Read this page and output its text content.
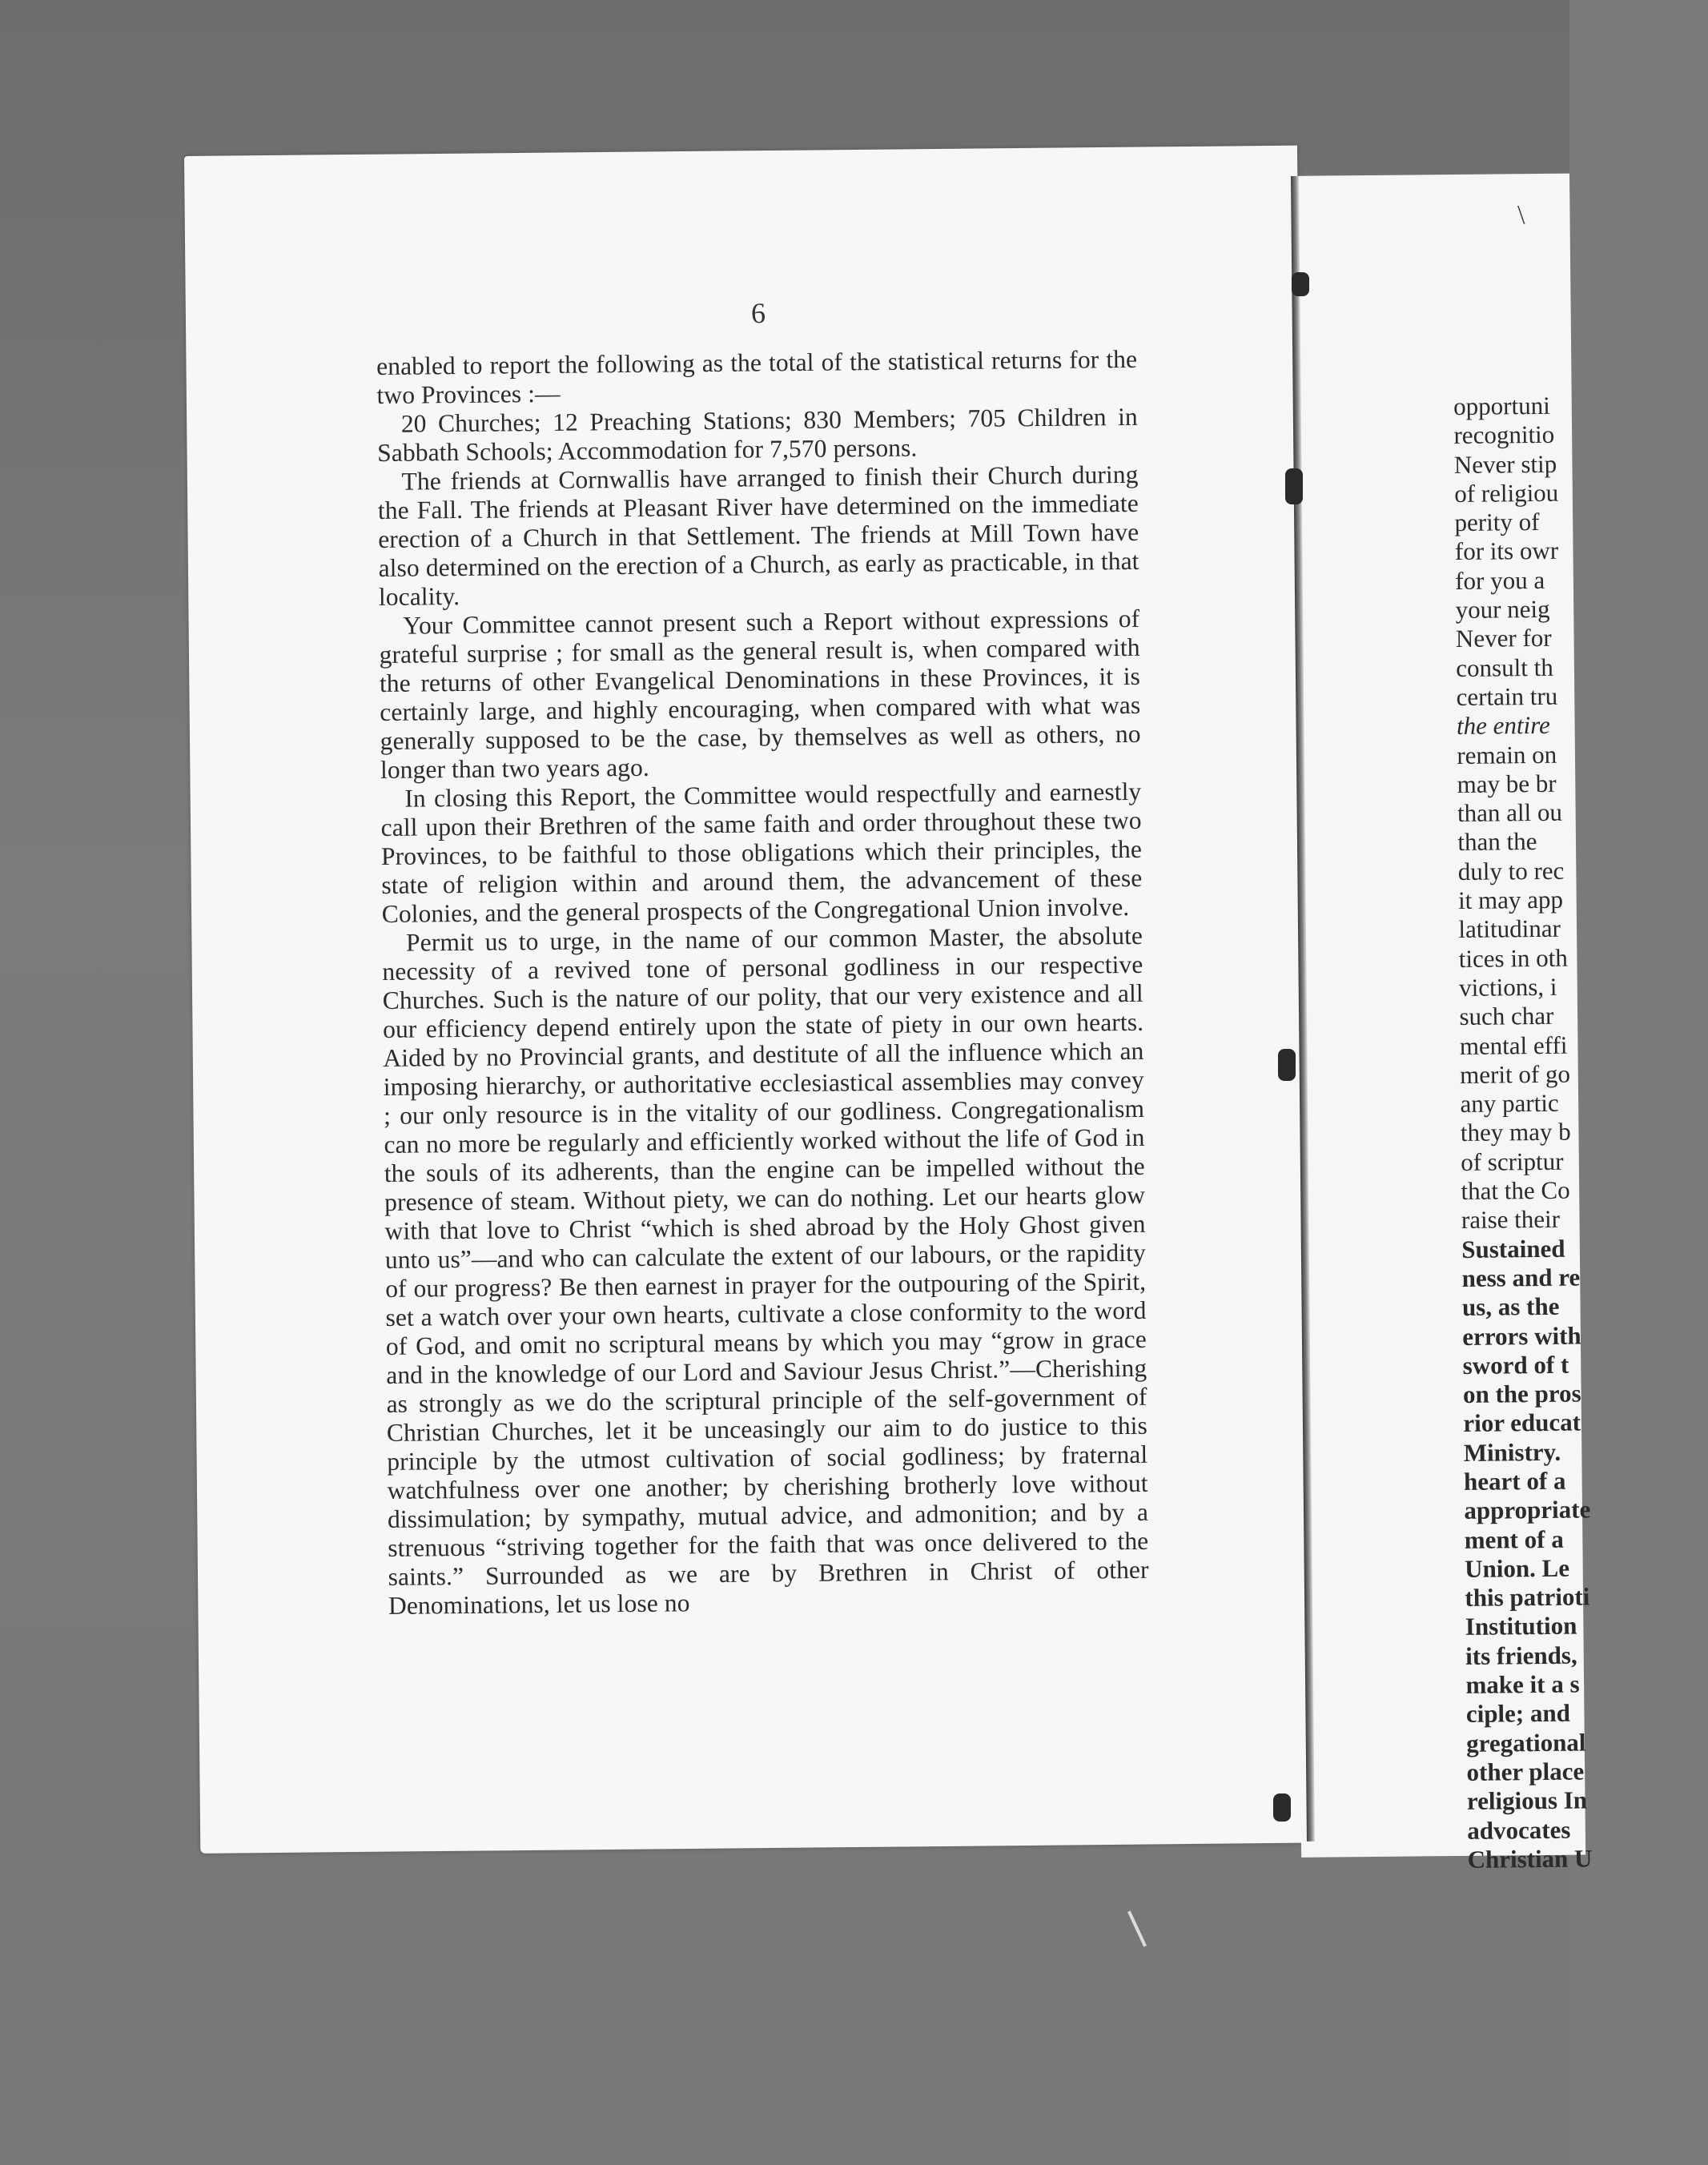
6

enabled to report the following as the total of the statistical returns for the two Provinces :—

20 Churches; 12 Preaching Stations; 830 Members; 705 Children in Sabbath Schools; Accommodation for 7,570 persons.

The friends at Cornwallis have arranged to finish their Church during the Fall. The friends at Pleasant River have determined on the immediate erection of a Church in that Settlement. The friends at Mill Town have also determined on the erection of a Church, as early as practicable, in that locality.

Your Committee cannot present such a Report without expressions of grateful surprise ; for small as the general result is, when compared with the returns of other Evangelical Denominations in these Provinces, it is certainly large, and highly encouraging, when compared with what was generally supposed to be the case, by themselves as well as others, no longer than two years ago.

In closing this Report, the Committee would respectfully and earnestly call upon their Brethren of the same faith and order throughout these two Provinces, to be faithful to those obligations which their principles, the state of religion within and around them, the advancement of these Colonies, and the general prospects of the Congregational Union involve.

Permit us to urge, in the name of our common Master, the absolute necessity of a revived tone of personal godliness in our respective Churches. Such is the nature of our polity, that our very existence and all our efficiency depend entirely upon the state of piety in our own hearts. Aided by no Provincial grants, and destitute of all the influence which an imposing hierarchy, or authoritative ecclesiastical assemblies may convey ; our only resource is in the vitality of our godliness. Congregationalism can no more be regularly and efficiently worked without the life of God in the souls of its adherents, than the engine can be impelled without the presence of steam. Without piety, we can do nothing. Let our hearts glow with that love to Christ “which is shed abroad by the Holy Ghost given unto us”—and who can calculate the extent of our labours, or the rapidity of our progress? Be then earnest in prayer for the outpouring of the Spirit, set a watch over your own hearts, cultivate a close conformity to the word of God, and omit no scriptural means by which you may “grow in grace and in the knowledge of our Lord and Saviour Jesus Christ.”—Cherishing as strongly as we do the scriptural principle of the self-government of Christian Churches, let it be unceasingly our aim to do justice to this principle by the utmost cultivation of social godliness; by fraternal watchfulness over one another; by cherishing brotherly love without dissimulation; by sympathy, mutual advice, and admonition; and by a strenuous “striving together for the faith that was once delivered to the saints.” Surrounded as we are by Brethren in Christ of other Denominations, let us lose no

\
opportuni
recognitio
Never stip
of religiou
perity of
for its owr
for you a
your neig
Never for
consult th
certain tru
the entire
remain on
may be br
than all ou
than the
duly to rec
it may app
latitudinar
tices in oth
victions, i
such char
mental effi
merit of go
any partic
they may b
of scriptur
that the Co
raise their
Sustained
ness and re
us, as the
errors with
sword of t
on the pros
rior educat
Ministry.
heart of a
appropriate
ment of a
Union. Le
this patrioti
Institution
its friends,
make it a s
ciple; and
gregational
other place
religious In
advocates
Christian U
